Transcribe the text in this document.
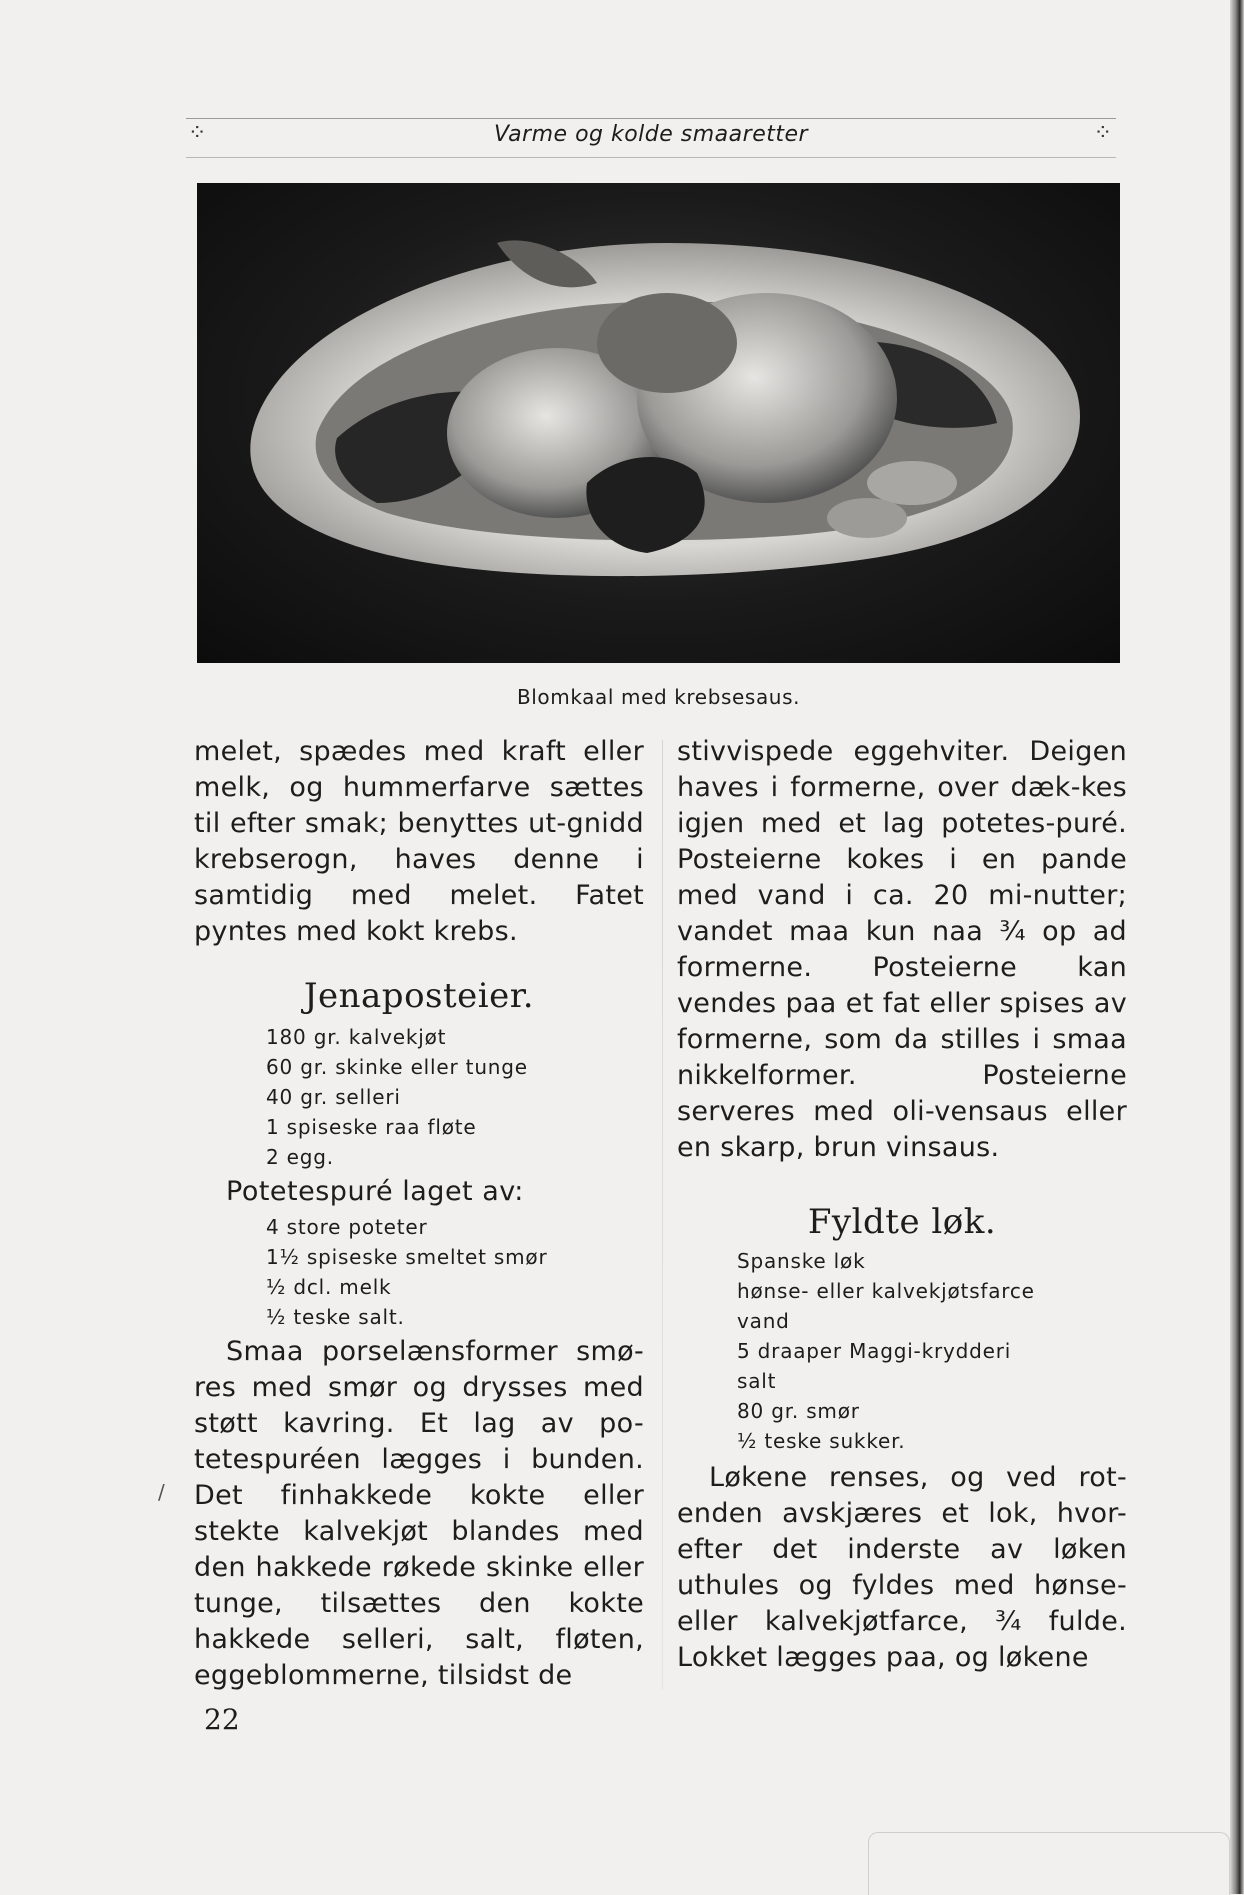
⁘	Varme og kolde smaaretter	⁘
Blomkaal med krebsesaus.

melet, spædes med kraft eller melk, og hummerfarve sættes til efter smak; benyttes ut-gnidd krebserogn, haves denne i samtidig med melet. Fatet pyntes med kokt krebs.

Jenaposteier.
180 gr. kalvekjøt
60 gr. skinke eller tunge
40 gr. selleri
1 spiseske raa fløte
2 egg.
Potetespuré laget av:
4 store poteter
1½ spiseske smeltet smør
½ dcl. melk
½ teske salt.

Smaa porselænsformer smø-res med smør og drysses med støtt kavring. Et lag av po-tetespuréen lægges i bunden. Det finhakkede kokte eller stekte kalvekjøt blandes med den hakkede røkede skinke eller tunge, tilsættes den kokte hakkede selleri, salt, fløten, eggeblommerne, tilsidst de

stivvispede eggehviter. Deigen haves i formerne, over dæk-kes igjen med et lag potetes-puré. Posteierne kokes i en pande med vand i ca. 20 mi-nutter; vandet maa kun naa ¾ op ad formerne. Posteierne kan vendes paa et fat eller spises av formerne, som da stilles i smaa nikkelformer. Posteierne serveres med oli-vensaus eller en skarp, brun vinsaus.

Fyldte løk.
Spanske løk
hønse- eller kalvekjøtsfarce
vand
5 draaper Maggi-krydderi
salt
80 gr. smør
½ teske sukker.

Løkene renses, og ved rot-enden avskjæres et lok, hvor-efter det inderste av løken uthules og fyldes med hønse-eller kalvekjøtfarce, ¾ fulde. Lokket lægges paa, og løkene

/
22
